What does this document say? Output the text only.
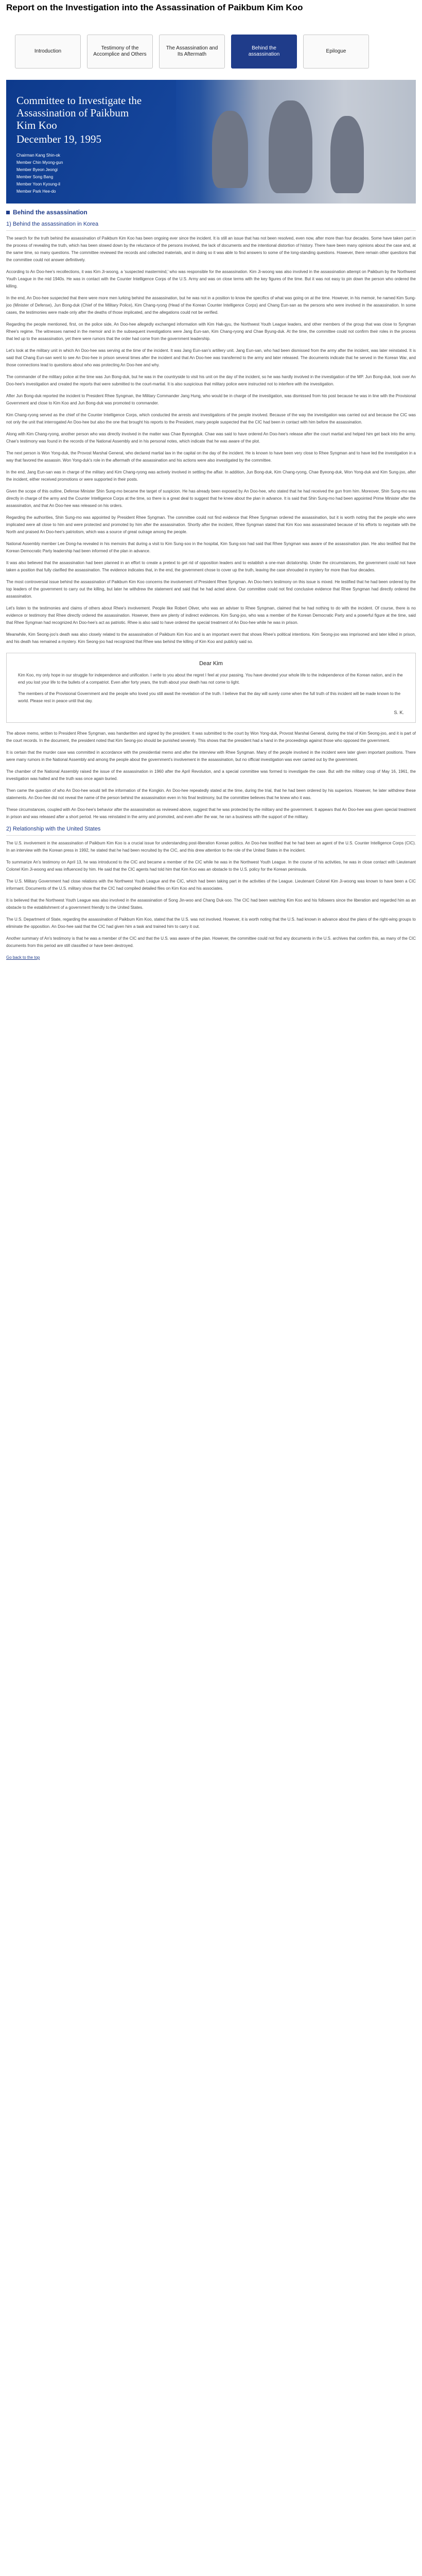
Report on the Investigation into the Assassination of Paikbum Kim Koo
Introduction
Testimony of the Accomplice and Others
The Assassination and Its Aftermath
Behind the assassination
Epilogue
Committee to Investigate the Assassination of Paikbum Kim Koo
December 19, 1995
Chairman Kang Shin-ok
Member Chin Myong-gun
Member Byeon Jeongi
Member Song Bang
Member Yoon Kyoung-il
Member Park Hee-do
Behind the assassination
1) Behind the assassination in Korea

The search for the truth behind the assassination of Paikbum Kim Koo has been ongoing ever since the incident. It is still an issue that has not been resolved, even now, after more than four decades. Some have taken part in the process of revealing the truth, which has been slowed down by the reluctance of the persons involved, the lack of documents and the intentional distortion of history. There have been many opinions about the case and, at the same time, so many questions. The committee reviewed the records and collected materials, and in doing so it was able to find answers to some of the long-standing questions. However, there remain other questions that the committee could not answer definitively.

According to An Doo-hee's recollections, it was Kim Ji-woong, a 'suspected mastermind,' who was responsible for the assassination. Kim Ji-woong was also involved in the assassination attempt on Paikbum by the Northwest Youth League in the mid 1940s. He was in contact with the Counter Intelligence Corps of the U.S. Army and was on close terms with the key figures of the time. But it was not easy to pin down the person who ordered the killing.

In the end, An Doo-hee suspected that there were more men lurking behind the assassination, but he was not in a position to know the specifics of what was going on at the time. However, in his memoir, he named Kim Sung-joo (Minister of Defense), Jun Bong-duk (Chief of the Military Police), Kim Chang-ryong (Head of the Korean Counter Intelligence Corps) and Chang Eun-san as the persons who were involved in the assassination. In some cases, the testimonies were made only after the deaths of those implicated, and the allegations could not be verified.

Regarding the people mentioned, first, on the police side, An Doo-hee allegedly exchanged information with Kim Hak-gyu, the Northwest Youth League leaders, and other members of the group that was close to Syngman Rhee's regime. The witnesses named in the memoir and in the subsequent investigations were Jang Eun-san, Kim Chang-ryong and Chae Byung-duk. At the time, the committee could not confirm their roles in the process that led up to the assassination, yet there were rumors that the order had come from the government leadership.

Let's look at the military unit in which An Doo-hee was serving at the time of the incident. It was Jang Eun-san's artillery unit. Jang Eun-san, who had been dismissed from the army after the incident, was later reinstated. It is said that Chang Eun-san went to see An Doo-hee in prison several times after the incident and that An Doo-hee was transferred to the army and later released. The documents indicate that he served in the Korean War, and those connections lead to questions about who was protecting An Doo-hee and why.

The commander of the military police at the time was Jun Bong-duk, but he was in the countryside to visit his unit on the day of the incident, so he was hardly involved in the investigation of the MP. Jun Bong-duk, took over An Doo-hee's investigation and created the reports that were submitted to the court-martial. It is also suspicious that military police were instructed not to interfere with the investigation.

After Jun Bong-duk reported the incident to President Rhee Syngman, the Military Commander Jang Hung, who would be in charge of the investigation, was dismissed from his post because he was in line with the Provisional Government and close to Kim Koo and Jun Bong-duk was promoted to commander.

Kim Chang-ryong served as the chief of the Counter Intelligence Corps, which conducted the arrests and investigations of the people involved. Because of the way the investigation was carried out and because the CIC was not only the unit that interrogated An Doo-hee but also the one that brought his reports to the President, many people suspected that the CIC had been in contact with him before the assassination.

Along with Kim Chang-ryong, another person who was directly involved in the matter was Chae Byeongduk. Chae was said to have ordered An Doo-hee's release after the court martial and helped him get back into the army. Chae's testimony was found in the records of the National Assembly and in his personal notes, which indicate that he was aware of the plot.

The next person is Won Yong-duk, the Provost Marshal General, who declared martial law in the capital on the day of the incident. He is known to have been very close to Rhee Syngman and to have led the investigation in a way that favored the assassin. Won Yong-duk's role in the aftermath of the assassination and his actions were also investigated by the committee.

In the end, Jang Eun-san was in charge of the military and Kim Chang-ryong was actively involved in settling the affair. In addition, Jun Bong-duk, Kim Chang-ryong, Chae Byeong-duk, Won Yong-duk and Kim Sung-joo, after the incident, either received promotions or were supported in their posts.

Given the scope of this outline, Defense Minister Shin Sung-mo became the target of suspicion. He has already been exposed by An Doo-hee, who stated that he had received the gun from him. Moreover, Shin Sung-mo was directly in charge of the army and the Counter Intelligence Corps at the time, so there is a great deal to suggest that he knew about the plan in advance. It is said that Shin Sung-mo had been appointed Prime Minister after the assassination, and that An Doo-hee was released on his orders.

Regarding the authorities, Shin Sung-mo was appointed by President Rhee Syngman. The committee could not find evidence that Rhee Syngman ordered the assassination, but it is worth noting that the people who were implicated were all close to him and were protected and promoted by him after the assassination. Shortly after the incident, Rhee Syngman stated that Kim Koo was assassinated because of his efforts to negotiate with the North and praised An Doo-hee's patriotism, which was a source of great outrage among the people.

National Assembly member Lee Dong-ha revealed in his memoirs that during a visit to Kim Sung-soo in the hospital, Kim Sung-soo had said that Rhee Syngman was aware of the assassination plan. He also testified that the Korean Democratic Party leadership had been informed of the plan in advance.

It was also believed that the assassination had been planned in an effort to create a pretext to get rid of opposition leaders and to establish a one-man dictatorship. Under the circumstances, the government could not have taken a position that fully clarified the assassination. The evidence indicates that, in the end, the government chose to cover up the truth, leaving the case shrouded in mystery for more than four decades.

The most controversial issue behind the assassination of Paikbum Kim Koo concerns the involvement of President Rhee Syngman. An Doo-hee's testimony on this issue is mixed. He testified that he had been ordered by the top leaders of the government to carry out the killing, but later he withdrew the statement and said that he had acted alone. Our committee could not find conclusive evidence that Rhee Syngman had directly ordered the assassination.

Let's listen to the testimonies and claims of others about Rhee's involvement. People like Robert Oliver, who was an adviser to Rhee Syngman, claimed that he had nothing to do with the incident. Of course, there is no evidence or testimony that Rhee directly ordered the assassination. However, there are plenty of indirect evidences. Kim Sung-joo, who was a member of the Korean Democratic Party and a powerful figure at the time, said that Rhee Syngman had recognized An Doo-hee's act as patriotic. Rhee is also said to have ordered the special treatment of An Doo-hee while he was in prison.

Meanwhile, Kim Seong-joo's death was also closely related to the assassination of Paikbum Kim Koo and is an important event that shows Rhee's political intentions. Kim Seong-joo was imprisoned and later killed in prison, and his death has remained a mystery. Kim Seong-joo had recognized that Rhee was behind the killing of Kim Koo and publicly said so.

Dear Kim

Kim Koo, my only hope in our struggle for independence and unification. I write to you about the regret I feel at your passing. You have devoted your whole life to the independence of the Korean nation, and in the end you lost your life to the bullets of a compatriot. Even after forty years, the truth about your death has not come to light.

The members of the Provisional Government and the people who loved you still await the revelation of the truth. I believe that the day will surely come when the full truth of this incident will be made known to the world. Please rest in peace until that day.

S. K.

The above memo, written to President Rhee Syngman, was handwritten and signed by the president. It was submitted to the court by Won Yong-duk, Provost Marshal General, during the trial of Kim Seong-joo, and it is part of the court records. In the document, the president noted that Kim Seong-joo should be punished severely. This shows that the president had a hand in the proceedings against those who opposed the government.

It is certain that the murder case was committed in accordance with the presidential memo and after the interview with Rhee Syngman. Many of the people involved in the incident were later given important positions. There were many rumors in the National Assembly and among the people about the government's involvement in the assassination, but no official investigation was ever carried out by the government.

The chamber of the National Assembly raised the issue of the assassination in 1960 after the April Revolution, and a special committee was formed to investigate the case. But with the military coup of May 16, 1961, the investigation was halted and the truth was once again buried.

Then came the question of who An Doo-hee would tell the information of the Kongkin. An Doo-hee repeatedly stated at the time, during the trial, that he had been ordered by his superiors. However, he later withdrew these statements. An Doo-hee did not reveal the name of the person behind the assassination even in his final testimony, but the committee believes that he knew who it was.

These circumstances, coupled with An Doo-hee's behavior after the assassination as reviewed above, suggest that he was protected by the military and the government. It appears that An Doo-hee was given special treatment in prison and was released after a short period. He was reinstated in the army and promoted, and even after the war, he ran a business with the support of the military.

2) Relationship with the United States

The U.S. involvement in the assassination of Paikbum Kim Koo is a crucial issue for understanding post-liberation Korean politics. An Doo-hee testified that he had been an agent of the U.S. Counter Intelligence Corps (CIC). In an interview with the Korean press in 1992, he stated that he had been recruited by the CIC, and this drew attention to the role of the United States in the incident.

To summarize An's testimony on April 13, he was introduced to the CIC and became a member of the CIC while he was in the Northwest Youth League. In the course of his activities, he was in close contact with Lieutenant Colonel Kim Ji-woong and was influenced by him. He said that the CIC agents had told him that Kim Koo was an obstacle to the U.S. policy for the Korean peninsula.

The U.S. Military Government had close relations with the Northwest Youth League and the CIC, which had been taking part in the activities of the League. Lieutenant Colonel Kim Ji-woong was known to have been a CIC informant. Documents of the U.S. military show that the CIC had compiled detailed files on Kim Koo and his associates.

It is believed that the Northwest Youth League was also involved in the assassination of Song Jin-woo and Chang Duk-soo. The CIC had been watching Kim Koo and his followers since the liberation and regarded him as an obstacle to the establishment of a government friendly to the United States.

The U.S. Department of State, regarding the assassination of Paikbum Kim Koo, stated that the U.S. was not involved. However, it is worth noting that the U.S. had known in advance about the plans of the right-wing groups to eliminate the opposition. An Doo-hee said that the CIC had given him a task and trained him to carry it out.

Another summary of An's testimony is that he was a member of the CIC and that the U.S. was aware of the plan. However, the committee could not find any documents in the U.S. archives that confirm this, as many of the CIC documents from this period are still classified or have been destroyed.

Go back to the top
